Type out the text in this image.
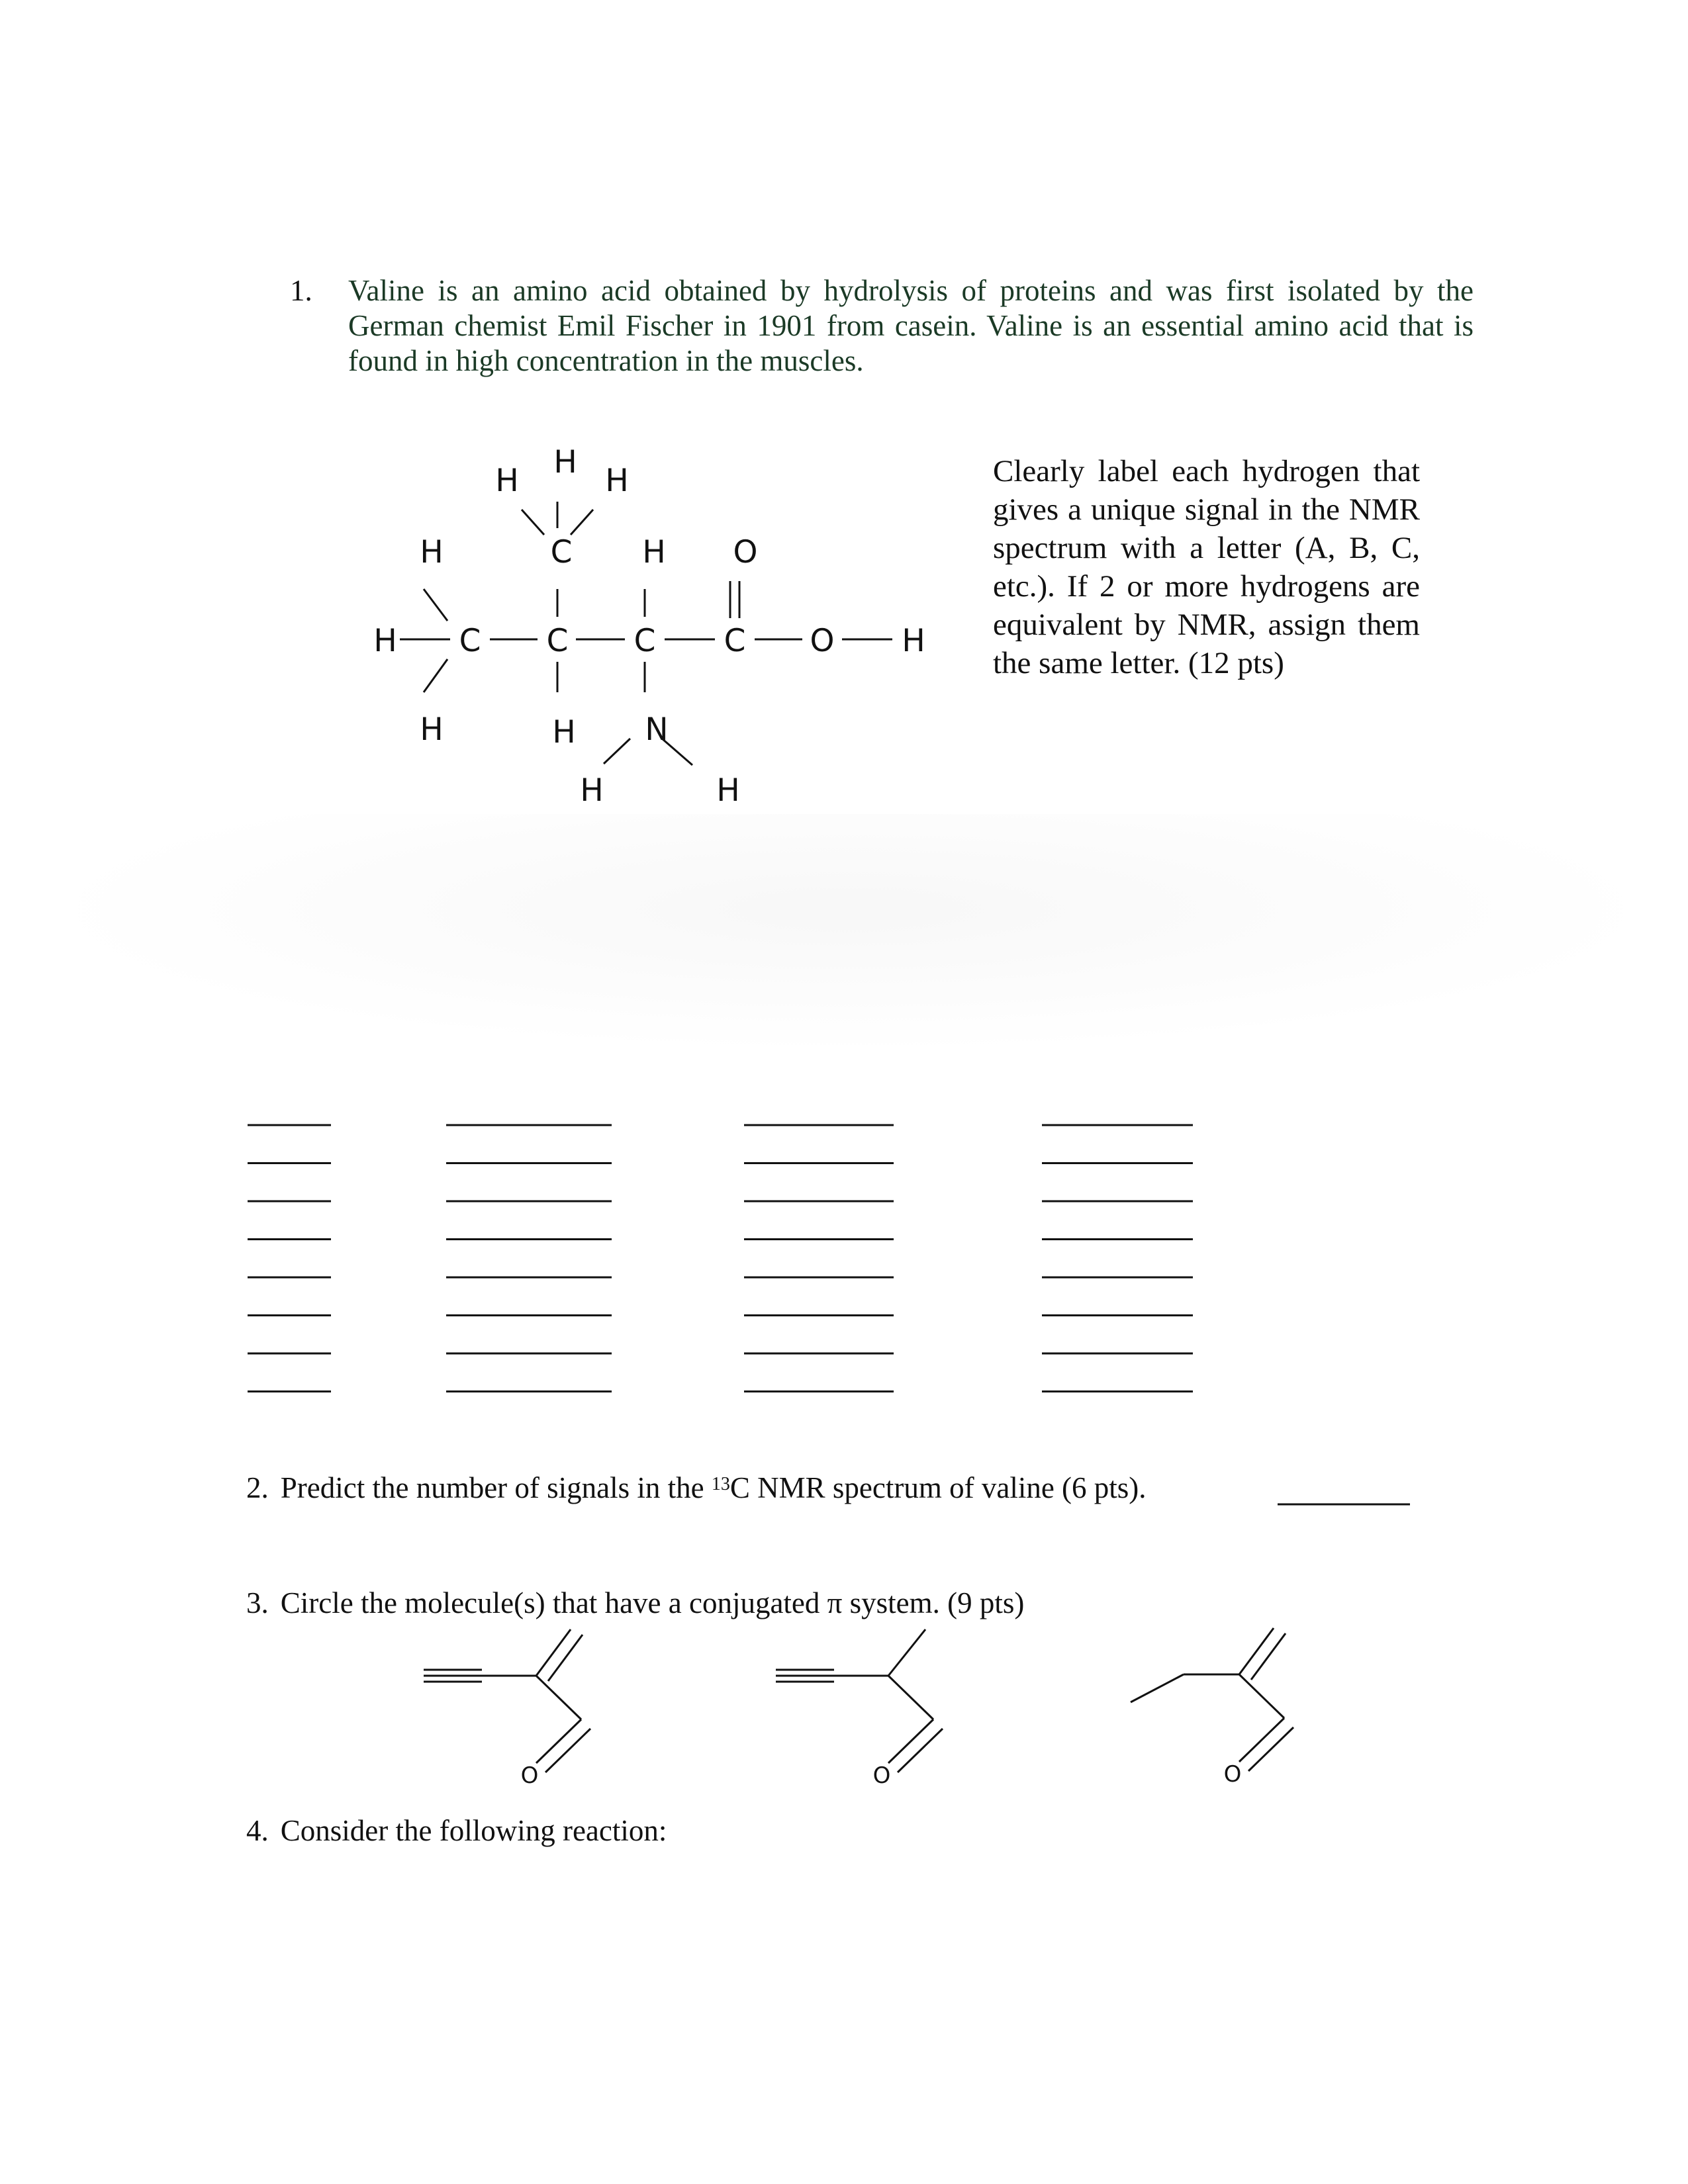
1. Valine is an amino acid obtained by hydrolysis of proteins and was first isolated by the German chemist Emil Fischer in 1901 from casein. Valine is an essential amino acid that is found in high concentration in the muscles.
Clearly label each hydrogen that gives a unique signal in the NMR spectrum with a letter (A, B, C, etc.). If 2 or more hydrogens are equivalent by NMR, assign them the same letter. (12 pts)
H C C C C O H
H
H
C
H
H	H
H
H O
N
H	H
2. Predict the number of signals in the $^{13}$C NMR spectrum of valine (6 pts).
3. Circle the molecule(s) that have a conjugated π system. (9 pts)
O	O	O
4. Consider the following reaction:
